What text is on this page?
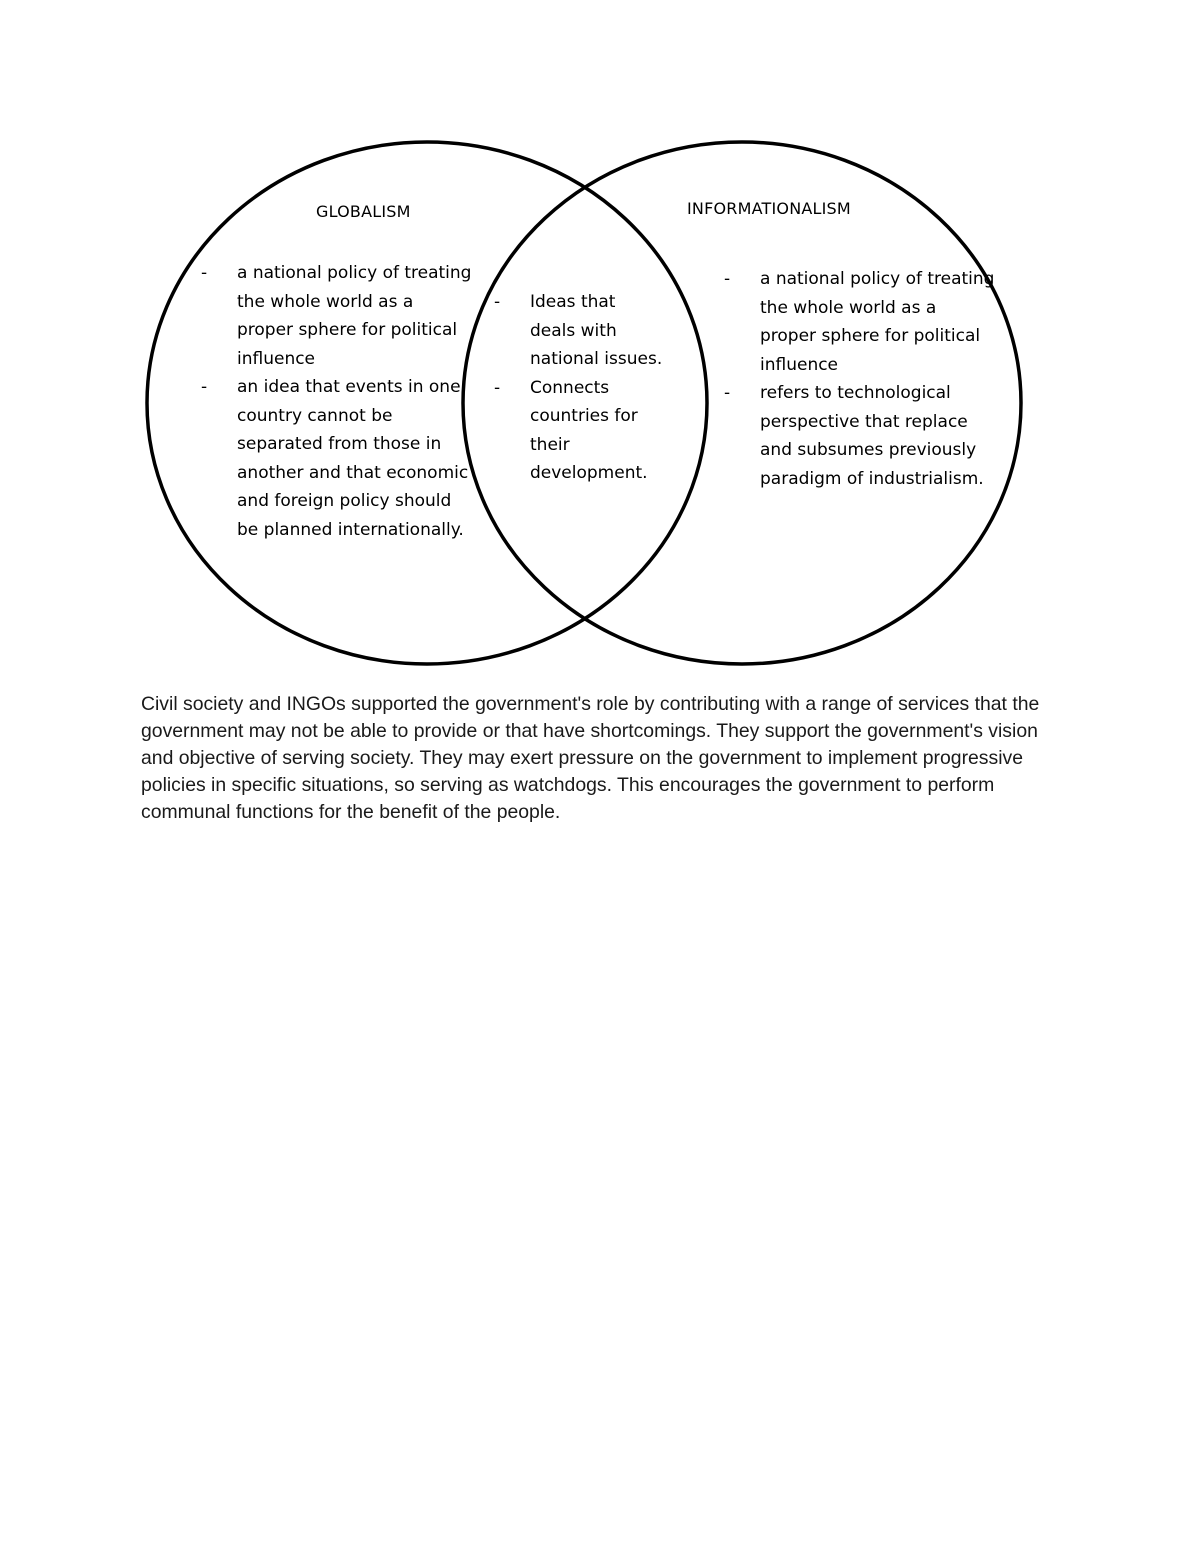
GLOBALISM	INFORMATIONALISM
- a national policy of treating
the whole world as a
proper sphere for political
influence
- an idea that events in one
country cannot be
separated from those in
another and that economic
and foreign policy should
be planned internationally.
- Ideas that
deals with
national issues.
- Connects
countries for
their
development.
- a national policy of treating
the whole world as a
proper sphere for political
influence
- refers to technological
perspective that replace
and subsumes previously
paradigm of industrialism.

Civil society and INGOs supported the government's role by contributing with a range of services that the government may not be able to provide or that have shortcomings. They support the government's vision and objective of serving society. They may exert pressure on the government to implement progressive policies in specific situations, so serving as watchdogs. This encourages the government to perform communal functions for the benefit of the people.
